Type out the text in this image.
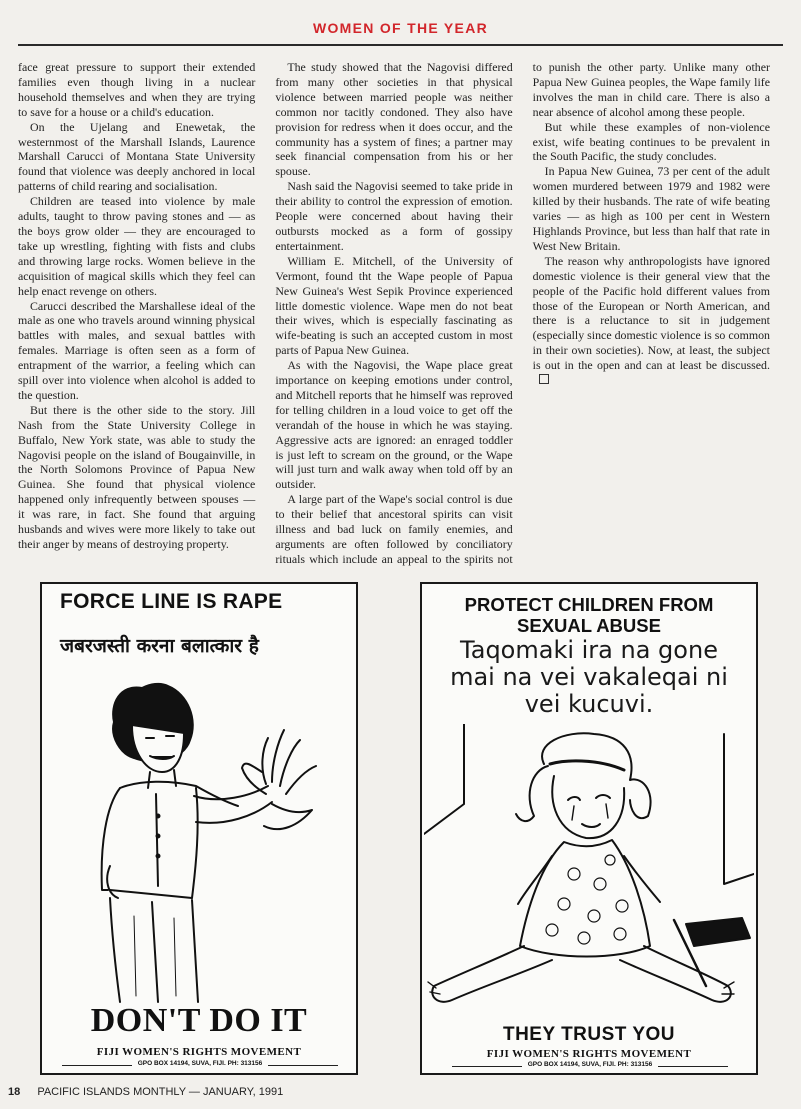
WOMEN OF THE YEAR

face great pressure to support their extended families even though living in a nuclear household themselves and when they are trying to save for a house or a child's education.

On the Ujelang and Enewetak, the westernmost of the Marshall Islands, Laurence Marshall Carucci of Montana State University found that violence was deeply anchored in local patterns of child rearing and socialisation.

Children are teased into violence by male adults, taught to throw paving stones and — as the boys grow older — they are encouraged to take up wrestling, fighting with fists and clubs and throwing large rocks. Women believe in the acquisition of magical skills which they feel can help enact revenge on others.

Carucci described the Marshallese ideal of the male as one who travels around winning physical battles with males, and sexual battles with females. Marriage is often seen as a form of entrapment of the warrior, a feeling which can spill over into violence when alcohol is added to the question.

But there is the other side to the story. Jill Nash from the State University College in Buffalo, New York state, was able to study the Nagovisi people on the island of Bougainville, in the North Solomons Province of Papua New Guinea. She found that physical violence happened only infrequently between spouses — it was rare, in fact. She found that arguing husbands and wives were more likely to take out their anger by means of destroying property.

The study showed that the Nagovisi differed from many other societies in that physical violence between married people was neither common nor tacitly condoned. They also have provision for redress when it does occur, and the community has a system of fines; a partner may seek financial compensation from his or her spouse.

Nash said the Nagovisi seemed to take pride in their ability to control the expression of emotion. People were concerned about having their outbursts mocked as a form of gossipy entertainment.

William E. Mitchell, of the University of Vermont, found tht the Wape people of Papua New Guinea's West Sepik Province experienced little domestic violence. Wape men do not beat their wives, which is especially fascinating as wife-beating is such an accepted custom in most parts of Papua New Guinea.

As with the Nagovisi, the Wape place great importance on keeping emotions under control, and Mitchell reports that he himself was reproved for telling children in a loud voice to get off the verandah of the house in which he was staying. Aggressive acts are ignored: an enraged toddler is just left to scream on the ground, or the Wape will just turn and walk away when told off by an outsider.

A large part of the Wape's social control is due to their belief that ancestoral spirits can visit illness and bad luck on family enemies, and arguments are often followed by conciliatory rituals which include an appeal to the spirits not to punish the other party. Unlike many other Papua New Guinea peoples, the Wape family life involves the man in child care. There is also a near absence of alcohol among these people.

But while these examples of non-violence exist, wife beating continues to be prevalent in the South Pacific, the study concludes.

In Papua New Guinea, 73 per cent of the adult women murdered between 1979 and 1982 were killed by their husbands. The rate of wife beating varies — as high as 100 per cent in Western Highlands Province, but less than half that rate in West New Britain.

The reason why anthropologists have ignored domestic violence is their general view that the people of the Pacific hold different values from those of the European or North American, and there is a reluctance to sit in judgement (especially since domestic violence is so common in their own societies). Now, at least, the subject is out in the open and can at least be discussed.

FORCE LINE IS RAPE
जबरजस्ती करना बलात्कार है
DON'T DO IT
FIJI WOMEN'S RIGHTS MOVEMENT
GPO BOX 14194, SUVA, FIJI. PH: 313156
PROTECT CHILDREN FROM
SEXUAL ABUSE
Taqomaki ira na gone
mai na vei vakaleqai ni
vei kucuvi.
THEY TRUST YOU
FIJI WOMEN'S RIGHTS MOVEMENT
GPO BOX 14194, SUVA, FIJI. PH: 313156
18 PACIFIC ISLANDS MONTHLY — JANUARY, 1991
